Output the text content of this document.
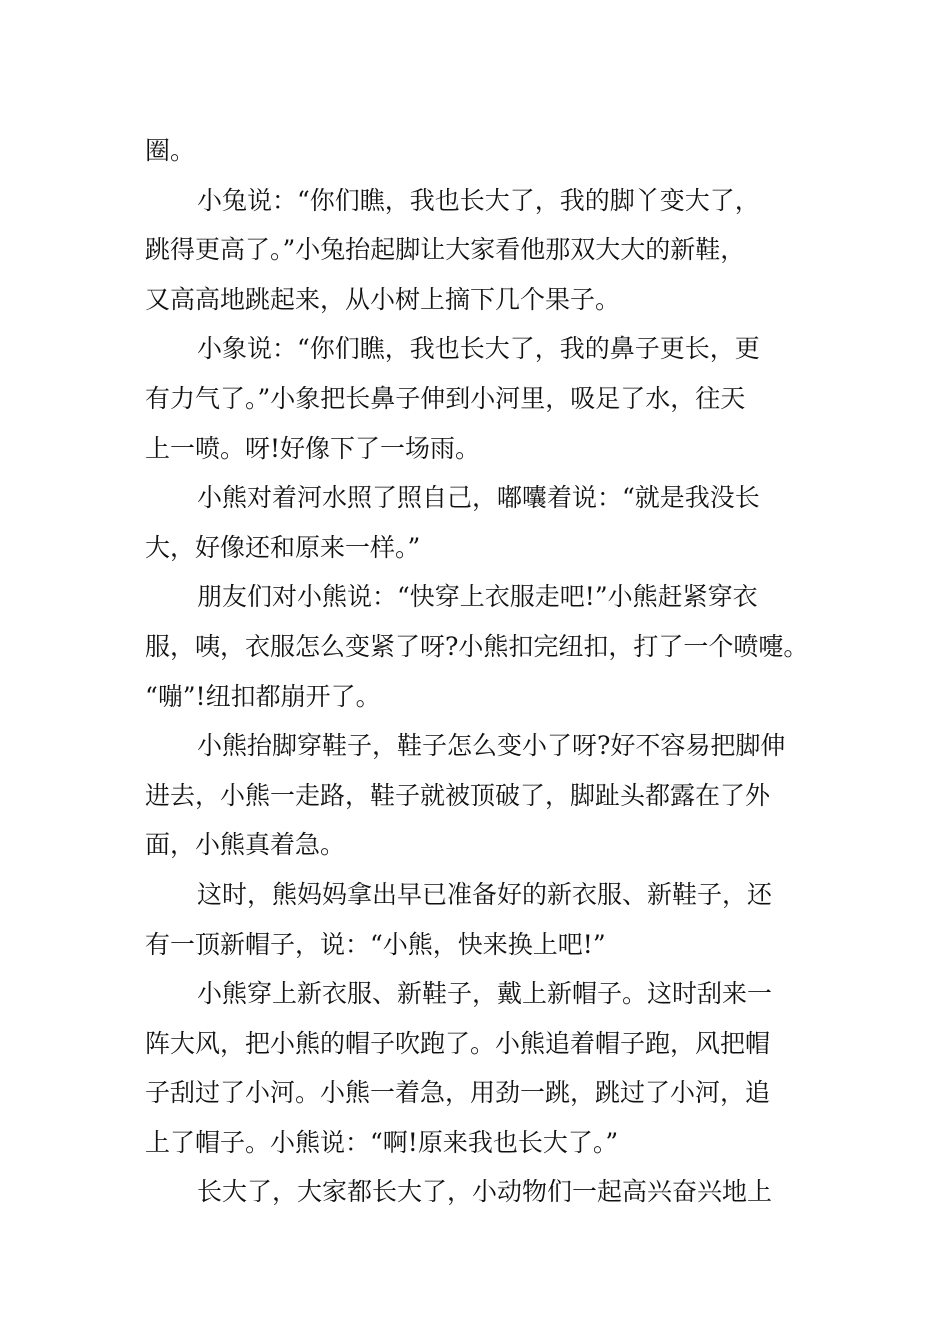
圈。
小兔说：“你们瞧，我也长大了，我的脚丫变大了，
跳得更高了。”小兔抬起脚让大家看他那双大大的新鞋，
又高高地跳起来，从小树上摘下几个果子。
小象说：“你们瞧，我也长大了，我的鼻子更长，更
有力气了。”小象把长鼻子伸到小河里，吸足了水，往天
上一喷。呀!好像下了一场雨。
小熊对着河水照了照自己，嘟囔着说：“就是我没长
大，好像还和原来一样。”
朋友们对小熊说：“快穿上衣服走吧!”小熊赶紧穿衣
服，咦，衣服怎么变紧了呀?小熊扣完纽扣，打了一个喷嚏。
“嘣”!纽扣都崩开了。
小熊抬脚穿鞋子，鞋子怎么变小了呀?好不容易把脚伸
进去，小熊一走路，鞋子就被顶破了，脚趾头都露在了外
面，小熊真着急。
这时，熊妈妈拿出早已准备好的新衣服、新鞋子，还
有一顶新帽子，说：“小熊，快来换上吧!”
小熊穿上新衣服、新鞋子，戴上新帽子。这时刮来一
阵大风，把小熊的帽子吹跑了。小熊追着帽子跑，风把帽
子刮过了小河。小熊一着急，用劲一跳，跳过了小河，追
上了帽子。小熊说：“啊!原来我也长大了。”
长大了，大家都长大了，小动物们一起高兴奋兴地上
